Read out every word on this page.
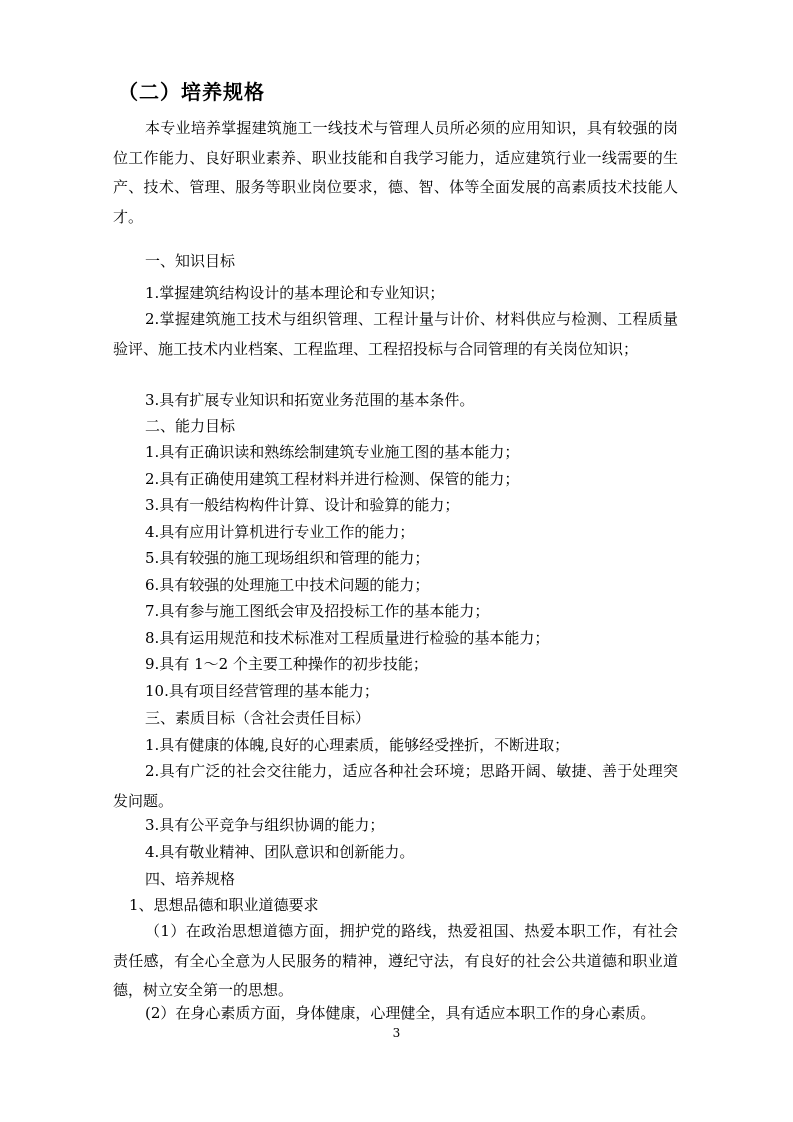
（二）培养规格

本专业培养掌握建筑施工一线技术与管理人员所必须的应用知识，具有较强的岗位工作能力、良好职业素养、职业技能和自我学习能力，适应建筑行业一线需要的生产、技术、管理、服务等职业岗位要求，德、智、体等全面发展的高素质技术技能人才。

一、知识目标
1.掌握建筑结构设计的基本理论和专业知识；

2.掌握建筑施工技术与组织管理、工程计量与计价、材料供应与检测、工程质量验评、施工技术内业档案、工程监理、工程招投标与合同管理的有关岗位知识；

3.具有扩展专业知识和拓宽业务范围的基本条件。
二、能力目标
1.具有正确识读和熟练绘制建筑专业施工图的基本能力；
2.具有正确使用建筑工程材料并进行检测、保管的能力；
3.具有一般结构构件计算、设计和验算的能力；
4.具有应用计算机进行专业工作的能力；
5.具有较强的施工现场组织和管理的能力；
6.具有较强的处理施工中技术问题的能力；
7.具有参与施工图纸会审及招投标工作的基本能力；
8.具有运用规范和技术标准对工程质量进行检验的基本能力；
9.具有 1～2 个主要工种操作的初步技能；
10.具有项目经营管理的基本能力；
三、素质目标（含社会责任目标）
1.具有健康的体魄,良好的心理素质，能够经受挫折，不断进取；

2.具有广泛的社会交往能力，适应各种社会环境；思路开阔、敏捷、善于处理突发问题。

3.具有公平竞争与组织协调的能力；
4.具有敬业精神、团队意识和创新能力。
四、培养规格
1、思想品德和职业道德要求

（1）在政治思想道德方面，拥护党的路线，热爱祖国、热爱本职工作，有社会责任感，有全心全意为人民服务的精神，遵纪守法，有良好的社会公共道德和职业道德，树立安全第一的思想。

(2）在身心素质方面，身体健康，心理健全，具有适应本职工作的身心素质。
3
